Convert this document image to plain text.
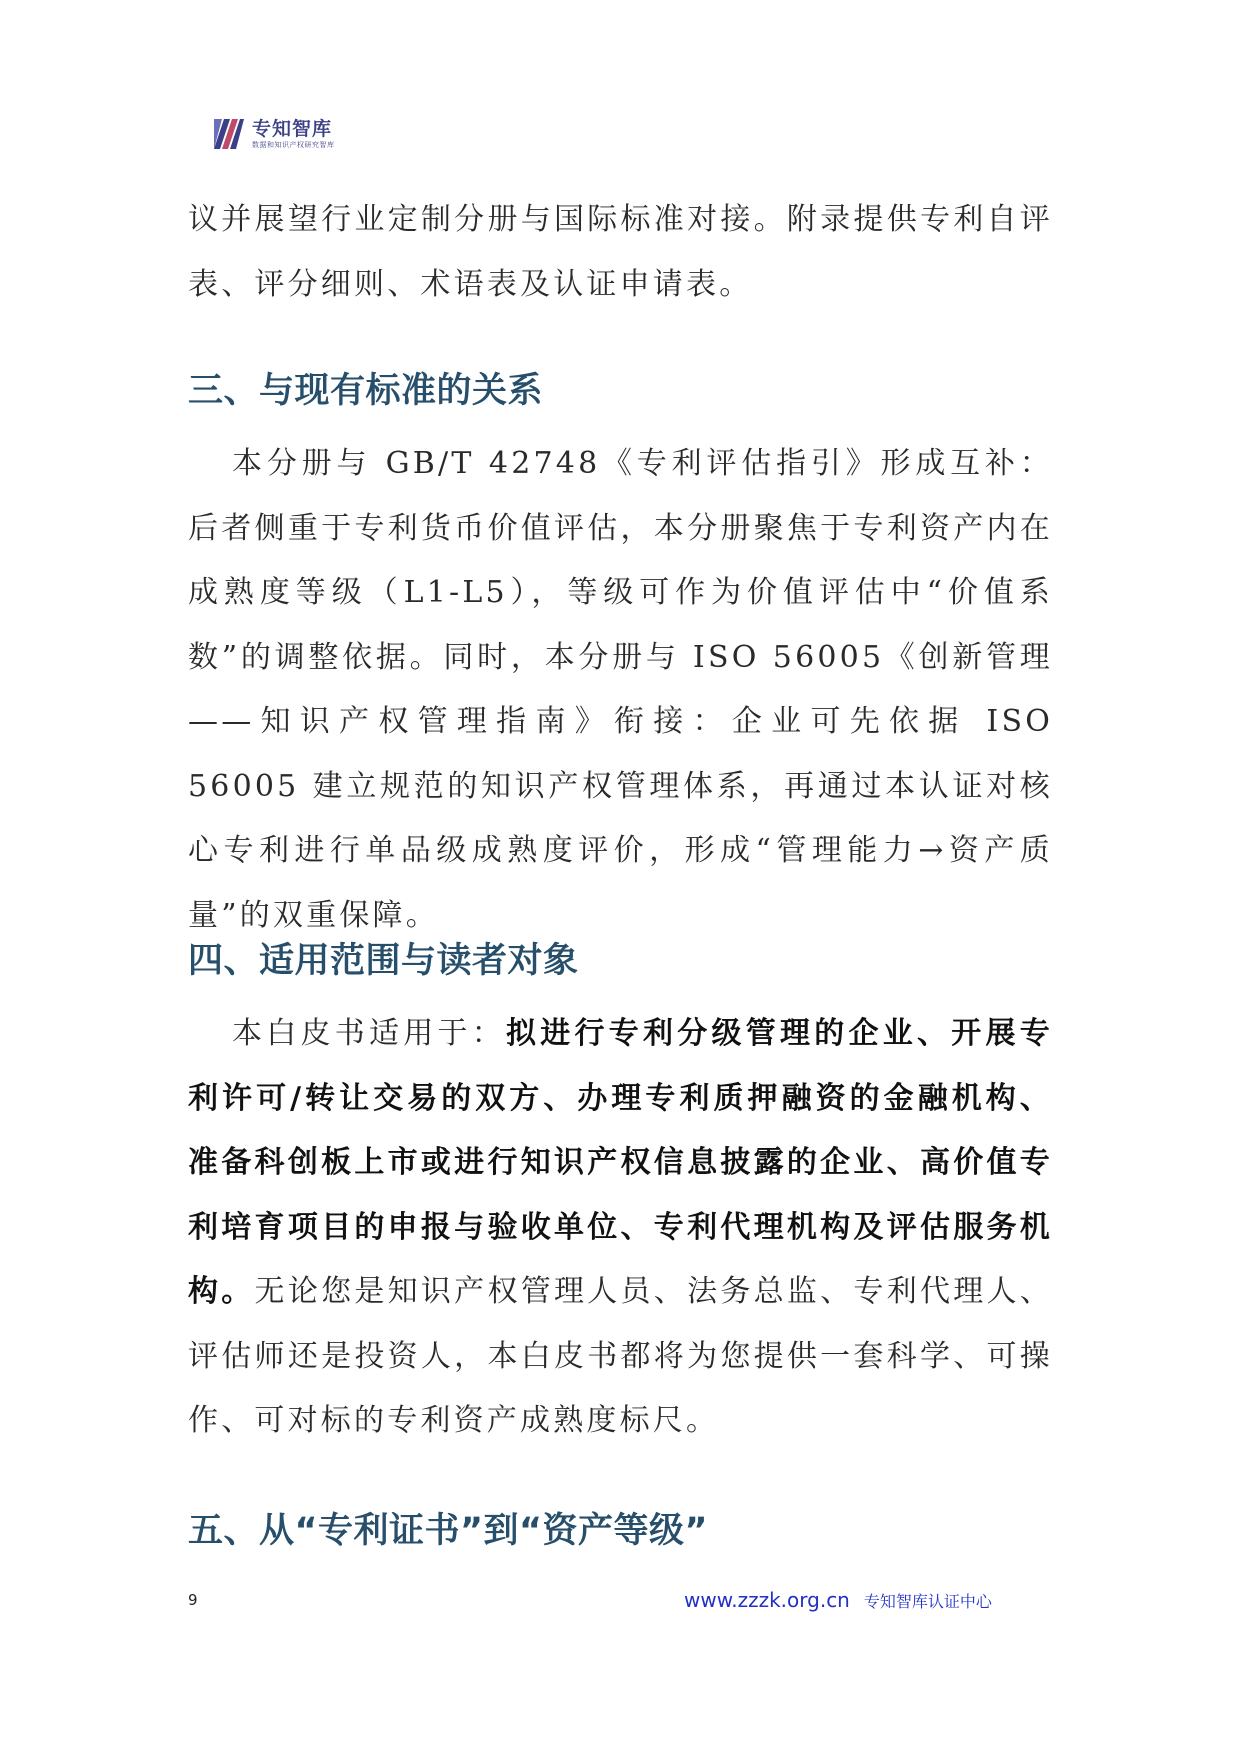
专知智库
数据和知识产权研究智库

议并展望行业定制分册与国际标准对接。附录提供专利自评表、评分细则、术语表及认证申请表。

三、与现有标准的关系

本分册与 GB/T 42748《专利评估指引》形成互补：后者侧重于专利货币价值评估，本分册聚焦于专利资产内在成熟度等级（L1-L5），等级可作为价值评估中“价值系数”的调整依据。同时，本分册与 ISO 56005《创新管理——知识产权管理指南》衔接：企业可先依据 ISO 56005 建立规范的知识产权管理体系，再通过本认证对核心专利进行单品级成熟度评价，形成“管理能力→资产质量”的双重保障。

四、适用范围与读者对象

本白皮书适用于：拟进行专利分级管理的企业、开展专利许可/转让交易的双方、办理专利质押融资的金融机构、准备科创板上市或进行知识产权信息披露的企业、高价值专利培育项目的申报与验收单位、专利代理机构及评估服务机构。无论您是知识产权管理人员、法务总监、专利代理人、评估师还是投资人，本白皮书都将为您提供一套科学、可操作、可对标的专利资产成熟度标尺。

五、从“专利证书”到“资产等级”
9	www.zzzk.org.cn 专知智库认证中心
